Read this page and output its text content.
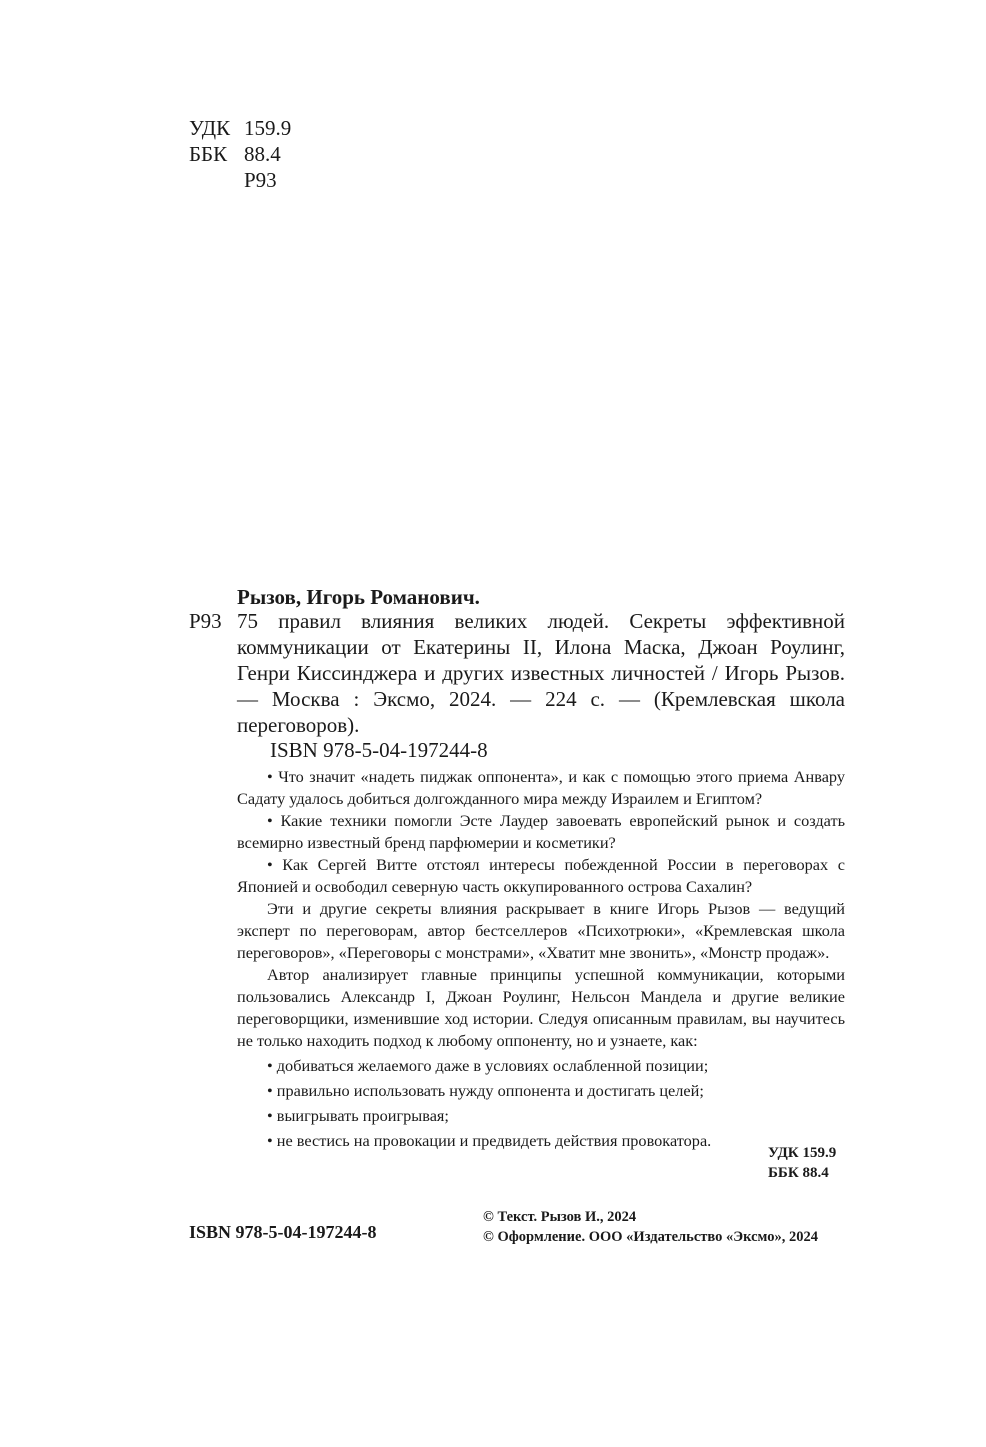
УДК 159.9
ББК 88.4
Р93
Рызов, Игорь Романович.
Р93 75 правил влияния великих людей. Секреты эффективной коммуникации от Екатерины II, Илона Маска, Джоан Роулинг, Генри Киссинджера и других известных личностей / Игорь Рызов. — Москва : Эксмо, 2024. — 224 с. — (Кремлевская школа переговоров).
ISBN 978-5-04-197244-8

• Что значит «надеть пиджак оппонента», и как с помощью этого приема Анвару Садату удалось добиться долгожданного мира между Израилем и Египтом?

• Какие техники помогли Эсте Лаудер завоевать европейский рынок и создать всемирно известный бренд парфюмерии и косметики?

• Как Сергей Витте отстоял интересы побежденной России в переговорах с Японией и освободил северную часть оккупированного острова Сахалин?

Эти и другие секреты влияния раскрывает в книге Игорь Рызов — ведущий эксперт по переговорам, автор бестселлеров «Психотрюки», «Кремлевская школа переговоров», «Переговоры с монстрами», «Хватит мне звонить», «Монстр продаж».

Автор анализирует главные принципы успешной коммуникации, которыми пользовались Александр I, Джоан Роулинг, Нельсон Мандела и другие великие переговорщики, изменившие ход истории. Следуя описанным правилам, вы научитесь не только находить подход к любому оппоненту, но и узнаете, как:

• добиваться желаемого даже в условиях ослабленной позиции;

• правильно использовать нужду оппонента и достигать целей;

• выигрывать проигрывая;

• не вестись на провокации и предвидеть действия провокатора.

УДК 159.9
ББК 88.4
ISBN 978-5-04-197244-8
© Текст. Рызов И., 2024
© Оформление. ООО «Издательство «Эксмо», 2024
